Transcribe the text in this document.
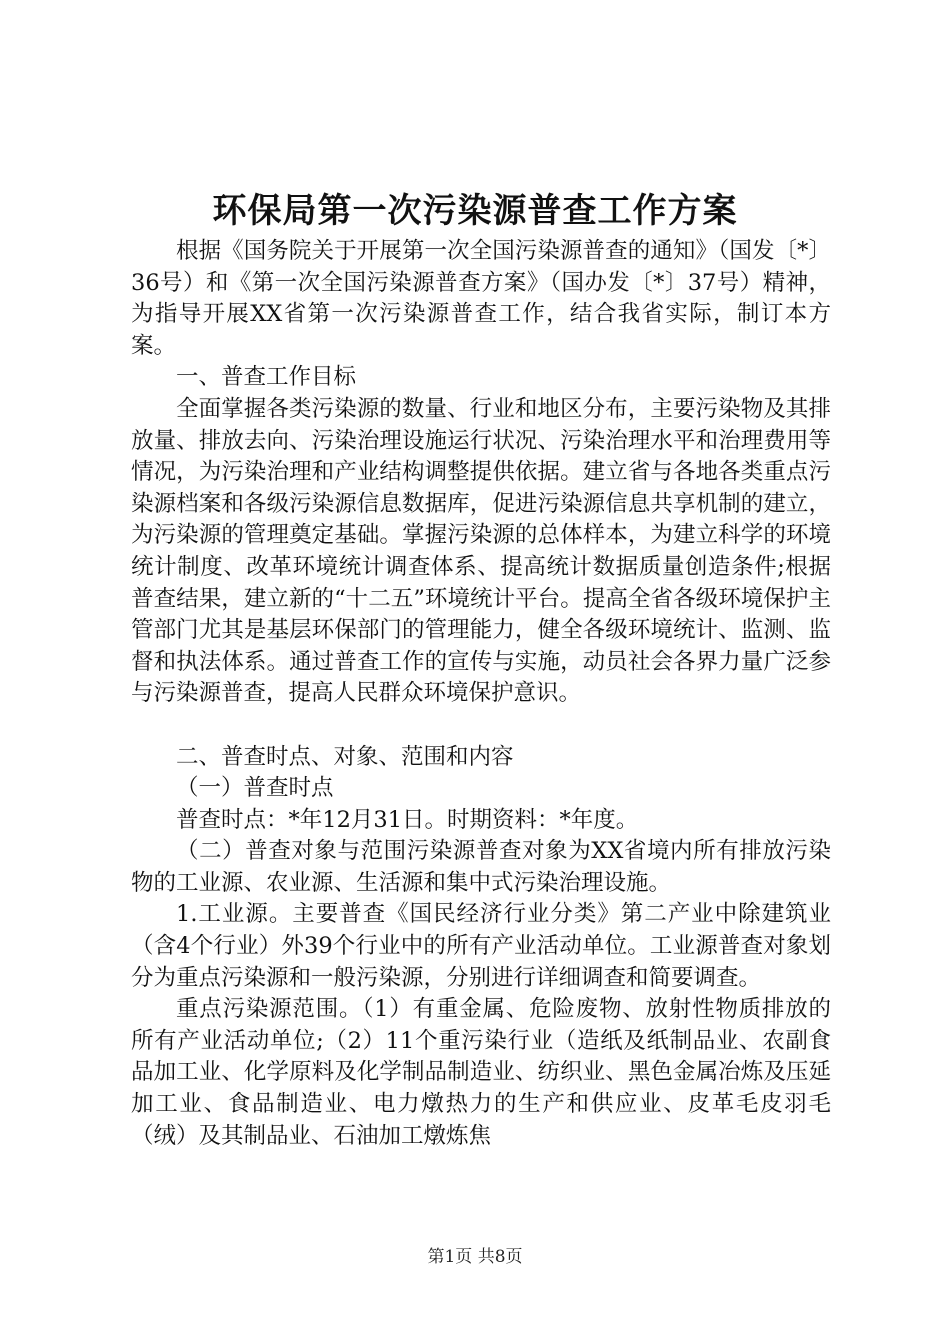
环保局第一次污染源普查工作方案

根据《国务院关于开展第一次全国污染源普查的通知》（国发〔*〕36号）和《第一次全国污染源普查方案》（国办发〔*〕37号）精神，为指导开展XX省第一次污染源普查工作，结合我省实际，制订本方案。

一、普查工作目标

全面掌握各类污染源的数量、行业和地区分布，主要污染物及其排放量、排放去向、污染治理设施运行状况、污染治理水平和治理费用等情况，为污染治理和产业结构调整提供依据。建立省与各地各类重点污染源档案和各级污染源信息数据库，促进污染源信息共享机制的建立，为污染源的管理奠定基础。掌握污染源的总体样本，为建立科学的环境统计制度、改革环境统计调查体系、提高统计数据质量创造条件;根据普查结果，建立新的“十二五”环境统计平台。提高全省各级环境保护主管部门尤其是基层环保部门的管理能力，健全各级环境统计、监测、监督和执法体系。通过普查工作的宣传与实施，动员社会各界力量广泛参与污染源普查，提高人民群众环境保护意识。

二、普查时点、对象、范围和内容

（一）普查时点

普查时点：*年12月31日。时期资料：*年度。

（二）普查对象与范围污染源普查对象为XX省境内所有排放污染物的工业源、农业源、生活源和集中式污染治理设施。

1.工业源。主要普查《国民经济行业分类》第二产业中除建筑业（含4个行业）外39个行业中的所有产业活动单位。工业源普查对象划分为重点污染源和一般污染源，分别进行详细调查和简要调查。

重点污染源范围。（1）有重金属、危险废物、放射性物质排放的所有产业活动单位;（2）11个重污染行业（造纸及纸制品业、农副食品加工业、化学原料及化学制品制造业、纺织业、黑色金属冶炼及压延加工业、食品制造业、电力燉热力的生产和供应业、皮革毛皮羽毛（绒）及其制品业、石油加工燉炼焦

第1页 共8页
